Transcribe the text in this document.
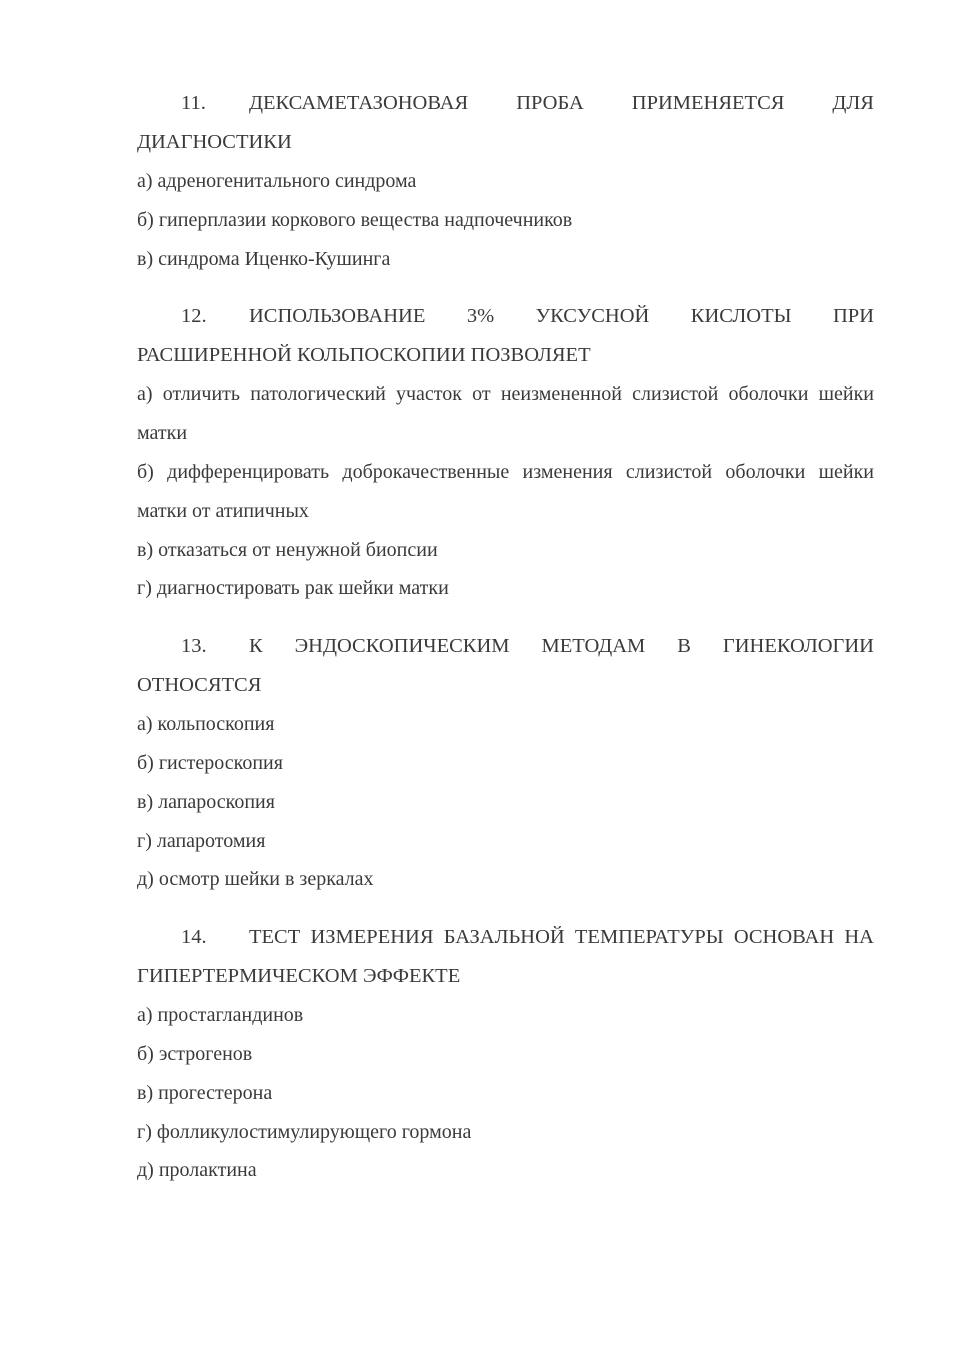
11. ДЕКСАМЕТАЗОНОВАЯ ПРОБА ПРИМЕНЯЕТСЯ ДЛЯ ДИАГНОСТИКИ

а) адреногенитального синдрома

б) гиперплазии коркового вещества надпочечников

в) синдрома Иценко-Кушинга

12. ИСПОЛЬЗОВАНИЕ 3% УКСУСНОЙ КИСЛОТЫ ПРИ РАСШИРЕННОЙ КОЛЬПОСКОПИИ ПОЗВОЛЯЕТ

а) отличить патологический участок от неизмененной слизистой оболочки шейки матки

б) дифференцировать доброкачественные изменения слизистой оболочки шейки матки от атипичных

в) отказаться от ненужной биопсии

г) диагностировать рак шейки матки

13. К ЭНДОСКОПИЧЕСКИМ МЕТОДАМ В ГИНЕКОЛОГИИ ОТНОСЯТСЯ

а) кольпоскопия

б) гистероскопия

в) лапароскопия

г) лапаротомия

д) осмотр шейки в зеркалах

14. ТЕСТ ИЗМЕРЕНИЯ БАЗАЛЬНОЙ ТЕМПЕРАТУРЫ ОСНОВАН НА ГИПЕРТЕРМИЧЕСКОМ ЭФФЕКТЕ

а) простагландинов

б) эстрогенов

в) прогестерона

г) фолликулостимулирующего гормона

д) пролактина
